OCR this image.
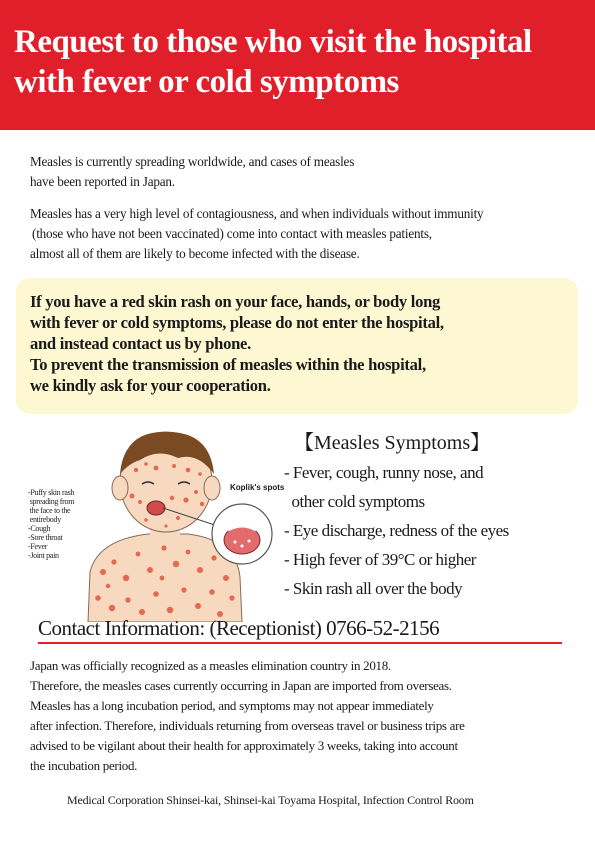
Request to those who visit the hospital
with fever or cold symptoms

Measles is currently spreading worldwide, and cases of measles

have been reported in Japan.

Measles has a very high level of contagiousness, and when individuals without immunity

(those who have not been vaccinated) come into contact with measles patients,

almost all of them are likely to become infected with the disease.

If you have a red skin rash on your face, hands, or body long
with fever or cold symptoms, please do not enter the hospital,
and instead contact us by phone.
To prevent the transmission of measles within the hospital,
we kindly ask for your cooperation.

-Puffy skin rash
spreading from
the face to the
entirebody
-Cough
-Sore throat
-Fever
-Joint pain
Koplik's spots
【Measles Symptoms】
- Fever, cough, runny nose, and
other cold symptoms
- Eye discharge, redness of the eyes
- High fever of 39°C or higher
- Skin rash all over the body
Contact Information: (Receptionist) 0766-52-2156

Japan was officially recognized as a measles elimination country in 2018.

Therefore, the measles cases currently occurring in Japan are imported from overseas.

Measles has a long incubation period, and symptoms may not appear immediately

after infection. Therefore, individuals returning from overseas travel or business trips are

advised to be vigilant about their health for approximately 3 weeks, taking into account

the incubation period.

Medical Corporation Shinsei-kai, Shinsei-kai Toyama Hospital, Infection Control Room
